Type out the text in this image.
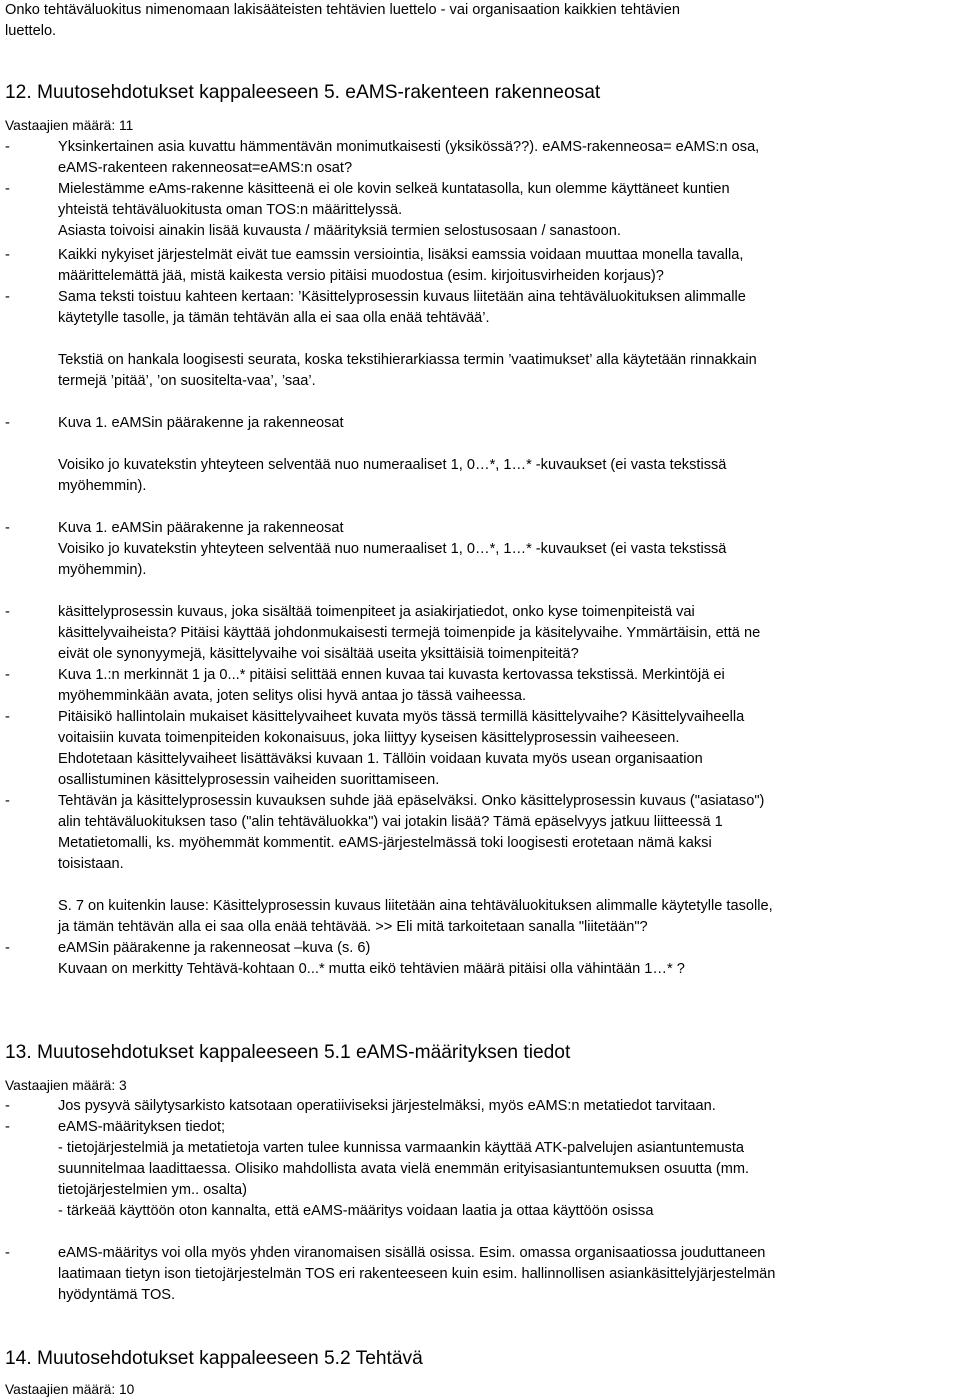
Onko tehtäväluokitus nimenomaan lakisääteisten tehtävien luettelo - vai organisaation kaikkien tehtävien
luettelo.
12. Muutosehdotukset kappaleeseen 5. eAMS-rakenteen rakenneosat
Vastaajien määrä: 11
-	Yksinkertainen asia kuvattu hämmentävän monimutkaisesti (yksikössä??). eAMS-rakenneosa= eAMS:n osa,
eAMS-rakenteen rakenneosat=eAMS:n osat?
-	Mielestämme eAms-rakenne käsitteenä ei ole kovin selkeä kuntatasolla, kun olemme käyttäneet kuntien
yhteistä tehtäväluokitusta oman TOS:n määrittelyssä.
Asiasta toivoisi ainakin lisää kuvausta / määrityksiä termien selostusosaan / sanastoon.
-	Kaikki nykyiset järjestelmät eivät tue eamssin versiointia, lisäksi eamssia voidaan muuttaa monella tavalla,
määrittelemättä jää, mistä kaikesta versio pitäisi muodostua (esim. kirjoitusvirheiden korjaus)?
-	Sama teksti toistuu kahteen kertaan: ’Käsittelyprosessin kuvaus liitetään aina tehtäväluokituksen alimmalle
käytetylle tasolle, ja tämän tehtävän alla ei saa olla enää tehtävää’.
Tekstiä on hankala loogisesti seurata, koska tekstihierarkiassa termin ’vaatimukset’ alla käytetään rinnakkain
termejä ’pitää’, ’on suositelta-vaa’, ’saa’.
-	Kuva 1. eAMSin päärakenne ja rakenneosat
Voisiko jo kuvatekstin yhteyteen selventää nuo numeraaliset 1, 0…*, 1…* -kuvaukset (ei vasta tekstissä
myöhemmin).
-	Kuva 1. eAMSin päärakenne ja rakenneosat
Voisiko jo kuvatekstin yhteyteen selventää nuo numeraaliset 1, 0…*, 1…* -kuvaukset (ei vasta tekstissä
myöhemmin).
-	käsittelyprosessin kuvaus, joka sisältää toimenpiteet ja asiakirjatiedot, onko kyse toimenpiteistä vai
käsittelyvaiheista? Pitäisi käyttää johdonmukaisesti termejä toimenpide ja käsitelyvaihe. Ymmärtäisin, että ne
eivät ole synonyymejä, käsittelyvaihe voi sisältää useita yksittäisiä toimenpiteitä?
-	Kuva 1.:n merkinnät 1 ja 0...* pitäisi selittää ennen kuvaa tai kuvasta kertovassa tekstissä. Merkintöjä ei
myöhemminkään avata, joten selitys olisi hyvä antaa jo tässä vaiheessa.
-	Pitäisikö hallintolain mukaiset käsittelyvaiheet kuvata myös tässä termillä käsittelyvaihe? Käsittelyvaiheella
voitaisiin kuvata toimenpiteiden kokonaisuus, joka liittyy kyseisen käsittelyprosessin vaiheeseen.
Ehdotetaan käsittelyvaiheet lisättäväksi kuvaan 1. Tällöin voidaan kuvata myös usean organisaation
osallistuminen käsittelyprosessin vaiheiden suorittamiseen.
-	Tehtävän ja käsittelyprosessin kuvauksen suhde jää epäselväksi. Onko käsittelyprosessin kuvaus ("asiataso")
alin tehtäväluokituksen taso ("alin tehtäväluokka") vai jotakin lisää? Tämä epäselvyys jatkuu liitteessä 1
Metatietomalli, ks. myöhemmät kommentit. eAMS-järjestelmässä toki loogisesti erotetaan nämä kaksi
toisistaan.
S. 7 on kuitenkin lause: Käsittelyprosessin kuvaus liitetään aina tehtäväluokituksen alimmalle käytetylle tasolle,
ja tämän tehtävän alla ei saa olla enää tehtävää. >> Eli mitä tarkoitetaan sanalla "liitetään"?
-	eAMSin päärakenne ja rakenneosat –kuva (s. 6)
Kuvaan on merkitty Tehtävä-kohtaan 0...* mutta eikö tehtävien määrä pitäisi olla vähintään 1…* ?
13. Muutosehdotukset kappaleeseen 5.1 eAMS-määrityksen tiedot
Vastaajien määrä: 3
-	Jos pysyvä säilytysarkisto katsotaan operatiiviseksi järjestelmäksi, myös eAMS:n metatiedot tarvitaan.
-	eAMS-määrityksen tiedot;
- tietojärjestelmiä ja metatietoja varten tulee kunnissa varmaankin käyttää ATK-palvelujen asiantuntemusta
suunnitelmaa laadittaessa. Olisiko mahdollista avata vielä enemmän erityisasiantuntemuksen osuutta (mm.
tietojärjestelmien ym.. osalta)
- tärkeää käyttöön oton kannalta, että eAMS-määritys voidaan laatia ja ottaa käyttöön osissa
-	eAMS-määritys voi olla myös yhden viranomaisen sisällä osissa. Esim. omassa organisaatiossa jouduttaneen
laatimaan tietyn ison tietojärjestelmän TOS eri rakenteeseen kuin esim. hallinnollisen asiankäsittelyjärjestelmän
hyödyntämä TOS.
14. Muutosehdotukset kappaleeseen 5.2 Tehtävä
Vastaajien määrä: 10
